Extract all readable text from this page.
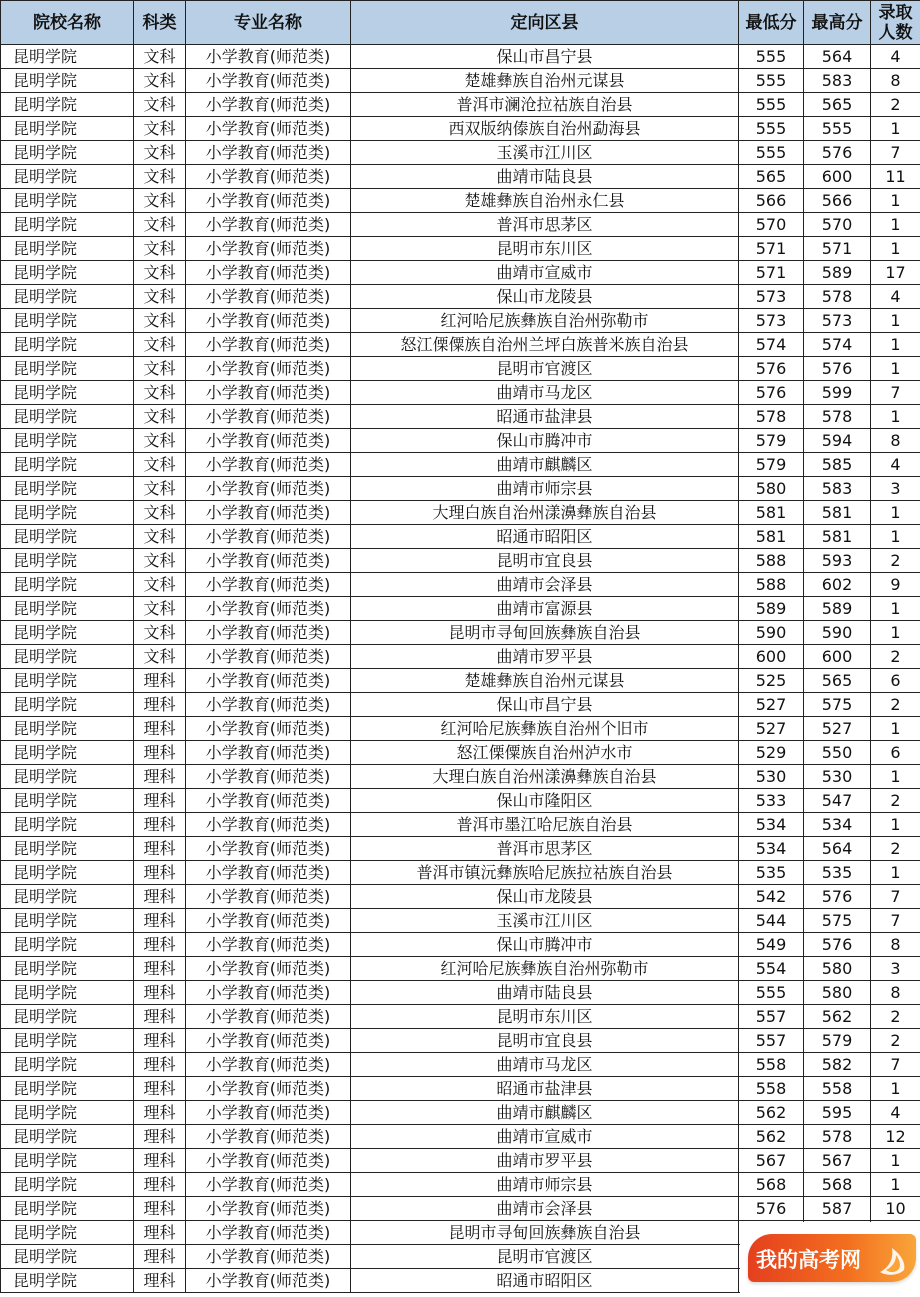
院校名称	科类	专业名称	定向区县	最低分	最高分	录取
人数
昆明学院	文科	小学教育(师范类)	保山市昌宁县	555	564	4
昆明学院	文科	小学教育(师范类)	楚雄彝族自治州元谋县	555	583	8
昆明学院	文科	小学教育(师范类)	普洱市澜沧拉祜族自治县	555	565	2
昆明学院	文科	小学教育(师范类)	西双版纳傣族自治州勐海县	555	555	1
昆明学院	文科	小学教育(师范类)	玉溪市江川区	555	576	7
昆明学院	文科	小学教育(师范类)	曲靖市陆良县	565	600	11
昆明学院	文科	小学教育(师范类)	楚雄彝族自治州永仁县	566	566	1
昆明学院	文科	小学教育(师范类)	普洱市思茅区	570	570	1
昆明学院	文科	小学教育(师范类)	昆明市东川区	571	571	1
昆明学院	文科	小学教育(师范类)	曲靖市宣威市	571	589	17
昆明学院	文科	小学教育(师范类)	保山市龙陵县	573	578	4
昆明学院	文科	小学教育(师范类)	红河哈尼族彝族自治州弥勒市	573	573	1
昆明学院	文科	小学教育(师范类)	怒江傈僳族自治州兰坪白族普米族自治县	574	574	1
昆明学院	文科	小学教育(师范类)	昆明市官渡区	576	576	1
昆明学院	文科	小学教育(师范类)	曲靖市马龙区	576	599	7
昆明学院	文科	小学教育(师范类)	昭通市盐津县	578	578	1
昆明学院	文科	小学教育(师范类)	保山市腾冲市	579	594	8
昆明学院	文科	小学教育(师范类)	曲靖市麒麟区	579	585	4
昆明学院	文科	小学教育(师范类)	曲靖市师宗县	580	583	3
昆明学院	文科	小学教育(师范类)	大理白族自治州漾濞彝族自治县	581	581	1
昆明学院	文科	小学教育(师范类)	昭通市昭阳区	581	581	1
昆明学院	文科	小学教育(师范类)	昆明市宜良县	588	593	2
昆明学院	文科	小学教育(师范类)	曲靖市会泽县	588	602	9
昆明学院	文科	小学教育(师范类)	曲靖市富源县	589	589	1
昆明学院	文科	小学教育(师范类)	昆明市寻甸回族彝族自治县	590	590	1
昆明学院	文科	小学教育(师范类)	曲靖市罗平县	600	600	2
昆明学院	理科	小学教育(师范类)	楚雄彝族自治州元谋县	525	565	6
昆明学院	理科	小学教育(师范类)	保山市昌宁县	527	575	2
昆明学院	理科	小学教育(师范类)	红河哈尼族彝族自治州个旧市	527	527	1
昆明学院	理科	小学教育(师范类)	怒江傈僳族自治州泸水市	529	550	6
昆明学院	理科	小学教育(师范类)	大理白族自治州漾濞彝族自治县	530	530	1
昆明学院	理科	小学教育(师范类)	保山市隆阳区	533	547	2
昆明学院	理科	小学教育(师范类)	普洱市墨江哈尼族自治县	534	534	1
昆明学院	理科	小学教育(师范类)	普洱市思茅区	534	564	2
昆明学院	理科	小学教育(师范类)	普洱市镇沅彝族哈尼族拉祜族自治县	535	535	1
昆明学院	理科	小学教育(师范类)	保山市龙陵县	542	576	7
昆明学院	理科	小学教育(师范类)	玉溪市江川区	544	575	7
昆明学院	理科	小学教育(师范类)	保山市腾冲市	549	576	8
昆明学院	理科	小学教育(师范类)	红河哈尼族彝族自治州弥勒市	554	580	3
昆明学院	理科	小学教育(师范类)	曲靖市陆良县	555	580	8
昆明学院	理科	小学教育(师范类)	昆明市东川区	557	562	2
昆明学院	理科	小学教育(师范类)	昆明市宜良县	557	579	2
昆明学院	理科	小学教育(师范类)	曲靖市马龙区	558	582	7
昆明学院	理科	小学教育(师范类)	昭通市盐津县	558	558	1
昆明学院	理科	小学教育(师范类)	曲靖市麒麟区	562	595	4
昆明学院	理科	小学教育(师范类)	曲靖市宣威市	562	578	12
昆明学院	理科	小学教育(师范类)	曲靖市罗平县	567	567	1
昆明学院	理科	小学教育(师范类)	曲靖市师宗县	568	568	1
昆明学院	理科	小学教育(师范类)	曲靖市会泽县	576	587	10
昆明学院	理科	小学教育(师范类)	昆明市寻甸回族彝族自治县			
昆明学院	理科	小学教育(师范类)	昆明市官渡区			
昆明学院	理科	小学教育(师范类)	昭通市昭阳区			
我的高考网
